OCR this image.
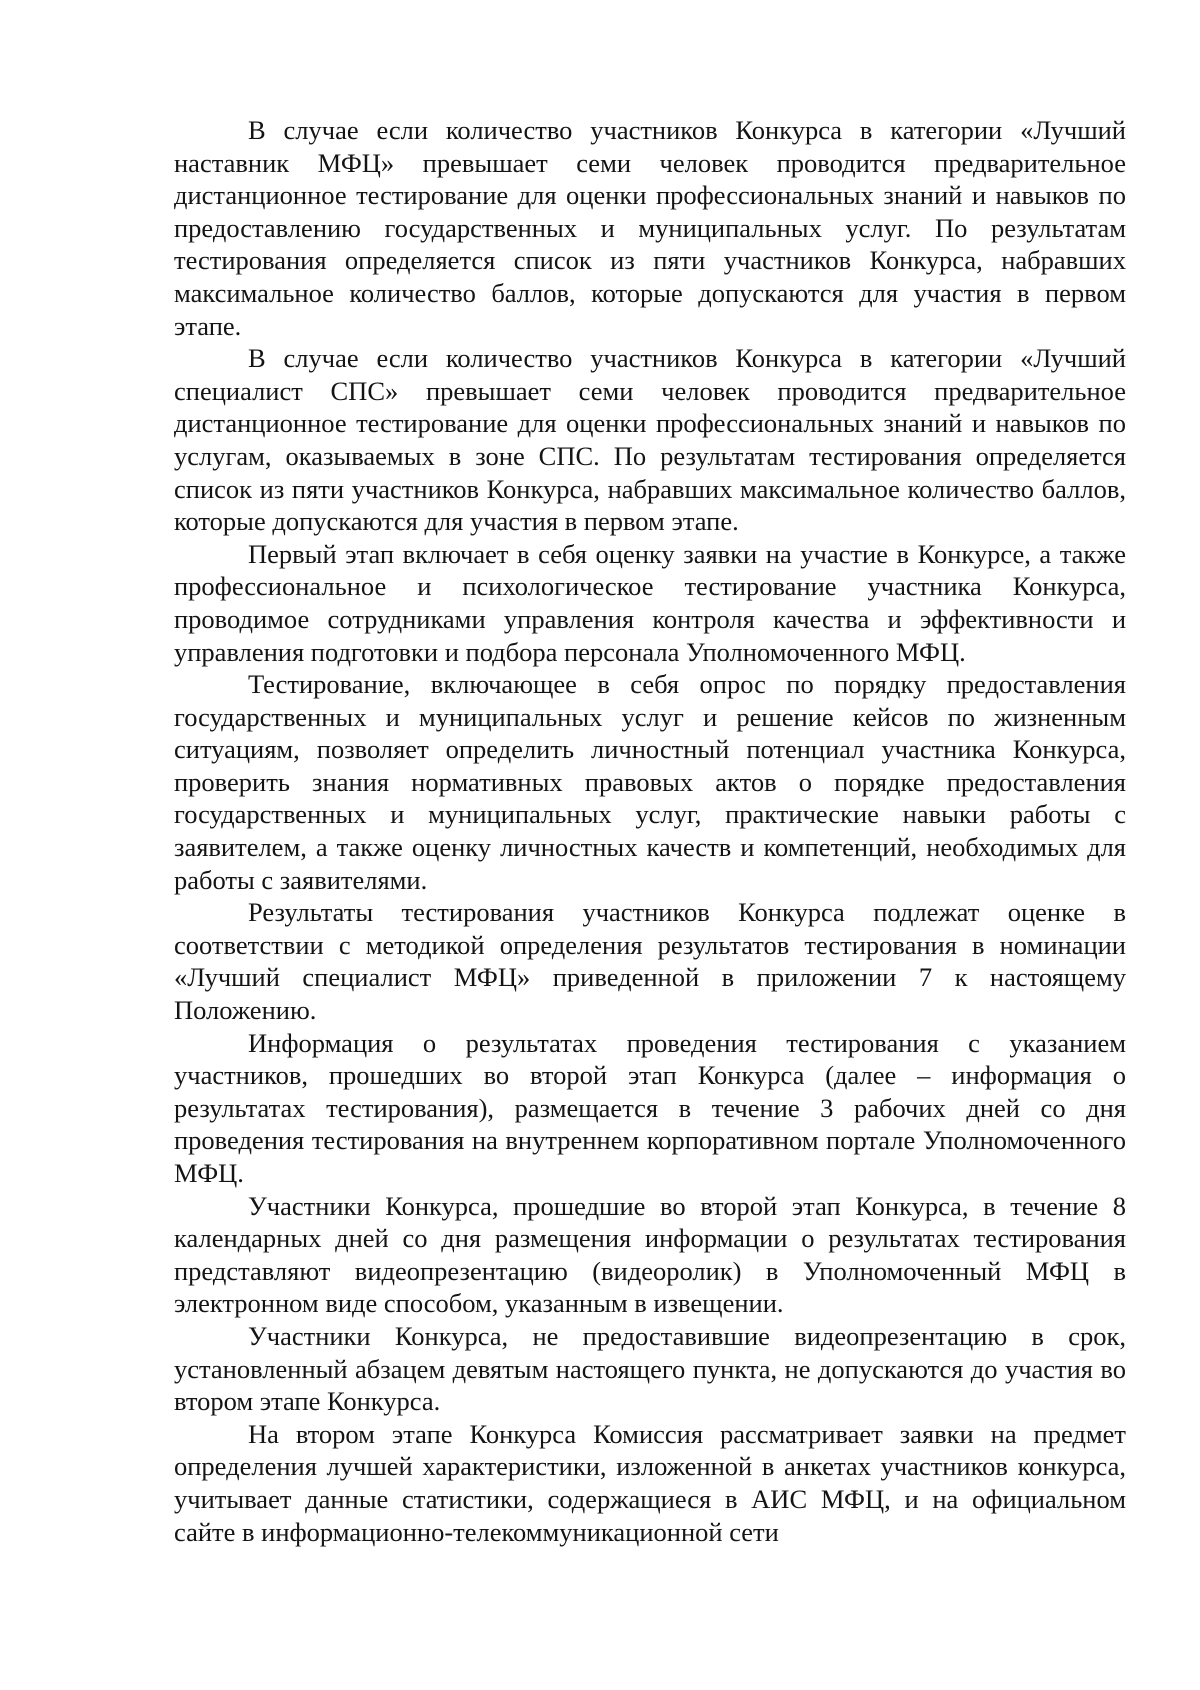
В случае если количество участников Конкурса в категории «Лучший наставник МФЦ» превышает семи человек проводится предварительное дистанционное тестирование для оценки профессиональных знаний и навыков по предоставлению государственных и муниципальных услуг. По результатам тестирования определяется список из пяти участников Конкурса, набравших максимальное количество баллов, которые допускаются для участия в первом этапе.

В случае если количество участников Конкурса в категории «Лучший специалист СПС» превышает семи человек проводится предварительное дистанционное тестирование для оценки профессиональных знаний и навыков по услугам, оказываемых в зоне СПС. По результатам тестирования определяется список из пяти участников Конкурса, набравших максимальное количество баллов, которые допускаются для участия в первом этапе.

Первый этап включает в себя оценку заявки на участие в Конкурсе, а также профессиональное и психологическое тестирование участника Конкурса, проводимое сотрудниками управления контроля качества и эффективности и управления подготовки и подбора персонала Уполномоченного МФЦ.

Тестирование, включающее в себя опрос по порядку предоставления государственных и муниципальных услуг и решение кейсов по жизненным ситуациям, позволяет определить личностный потенциал участника Конкурса, проверить знания нормативных правовых актов о порядке предоставления государственных и муниципальных услуг, практические навыки работы с заявителем, а также оценку личностных качеств и компетенций, необходимых для работы с заявителями.

Результаты тестирования участников Конкурса подлежат оценке в соответствии с методикой определения результатов тестирования в номинации «Лучший специалист МФЦ» приведенной в приложении 7 к настоящему Положению.

Информация о результатах проведения тестирования с указанием участников, прошедших во второй этап Конкурса (далее – информация о результатах тестирования), размещается в течение 3 рабочих дней со дня проведения тестирования на внутреннем корпоративном портале Уполномоченного МФЦ.

Участники Конкурса, прошедшие во второй этап Конкурса, в течение 8 календарных дней со дня размещения информации о результатах тестирования представляют видеопрезентацию (видеоролик) в Уполномоченный МФЦ в электронном виде способом, указанным в извещении.

Участники Конкурса, не предоставившие видеопрезентацию в срок, установленный абзацем девятым настоящего пункта, не допускаются до участия во втором этапе Конкурса.

На втором этапе Конкурса Комиссия рассматривает заявки на предмет определения лучшей характеристики, изложенной в анкетах участников конкурса, учитывает данные статистики, содержащиеся в АИС МФЦ, и на официальном сайте в информационно-телекоммуникационной сети
